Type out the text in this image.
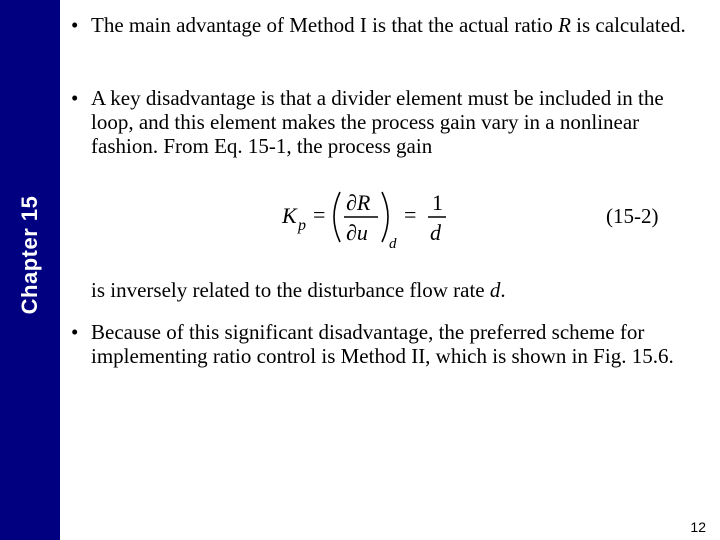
Chapter 15
• The main advantage of Method I is that the actual ratio R is calculated.
• A key disadvantage is that a divider element must be included in the loop, and this element makes the process gain vary in a nonlinear fashion. From Eq. 15-1, the process gain
K p = ∂R
∂u d
= 1
d
(15-2)
is inversely related to the disturbance flow rate d.
• Because of this significant disadvantage, the preferred scheme for implementing ratio control is Method II, which is shown in Fig. 15.6.
12
